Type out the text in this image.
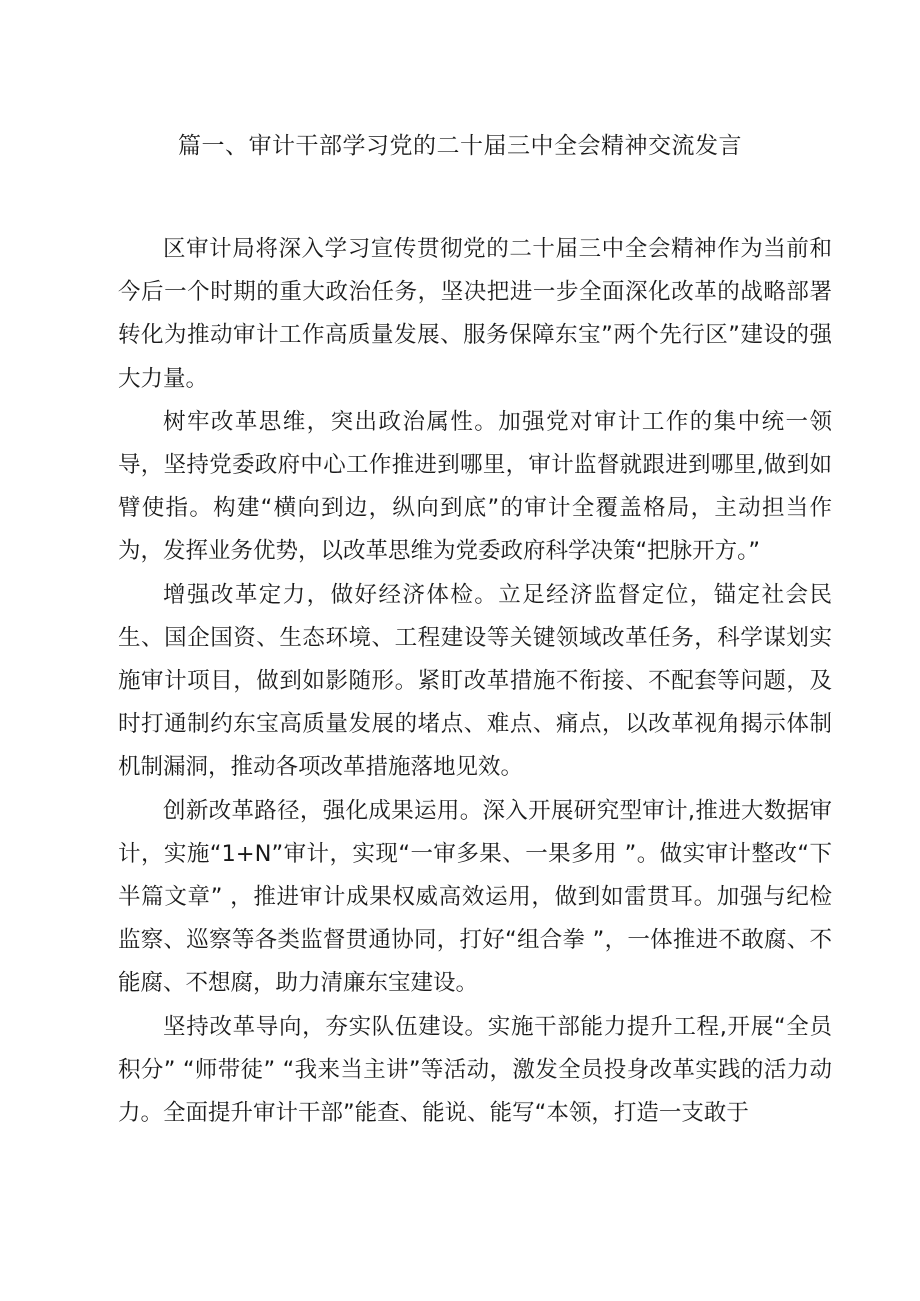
篇一、审计干部学习党的二十届三中全会精神交流发言

区审计局将深入学习宣传贯彻党的二十届三中全会精神作为当前和今后一个时期的重大政治任务，坚决把进一步全面深化改革的战略部署转化为推动审计工作高质量发展、服务保障东宝”两个先行区”建设的强大力量。

树牢改革思维，突出政治属性。加强党对审计工作的集中统一领导，坚持党委政府中心工作推进到哪里，审计监督就跟进到哪里,做到如臂使指。构建“横向到边，纵向到底”的审计全覆盖格局，主动担当作为，发挥业务优势，以改革思维为党委政府科学决策“把脉开方。”

增强改革定力，做好经济体检。立足经济监督定位，锚定社会民生、国企国资、生态环境、工程建设等关键领域改革任务，科学谋划实施审计项目，做到如影随形。紧盯改革措施不衔接、不配套等问题，及时打通制约东宝高质量发展的堵点、难点、痛点，以改革视角揭示体制机制漏洞，推动各项改革措施落地见效。

创新改革路径，强化成果运用。深入开展研究型审计,推进大数据审计，实施“1+N”审计，实现“一审多果、一果多用 ”。做实审计整改“下半篇文章” ，推进审计成果权威高效运用，做到如雷贯耳。加强与纪检监察、巡察等各类监督贯通协同，打好“组合拳 ”，一体推进不敢腐、不能腐、不想腐，助力清廉东宝建设。

坚持改革导向，夯实队伍建设。实施干部能力提升工程,开展“全员积分” “师带徒” “我来当主讲”等活动，激发全员投身改革实践的活力动力。全面提升审计干部”能查、能说、能写“本领，打造一支敢于
